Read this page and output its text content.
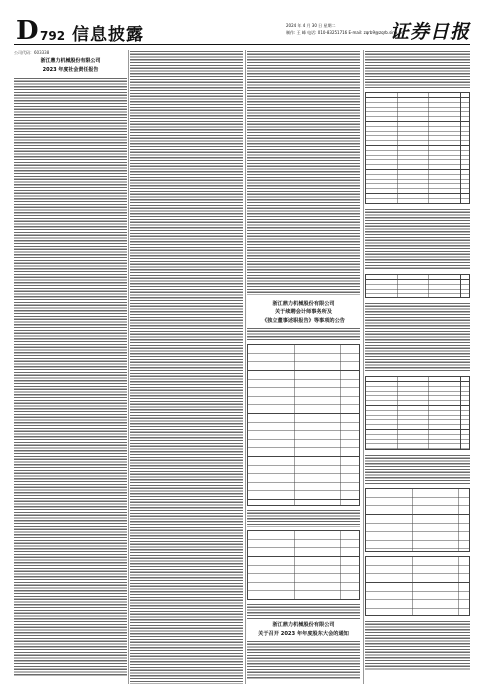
D 792 信息披露	2024 年 4 月 30 日 星期二
制作: 王 峰 电话: 010-83251716 E-mail: zqrb9@zqrb.sina.net
证券日报
公司代码：603338
浙江鼎力机械股份有限公司
2023 年度社会责任报告
浙江鼎力机械股份有限公司
关于续聘会计师事务所及
《独立董事述职报告》等事项的公告
浙江鼎力机械股份有限公司
关于召开 2023 年年度股东大会的通知
